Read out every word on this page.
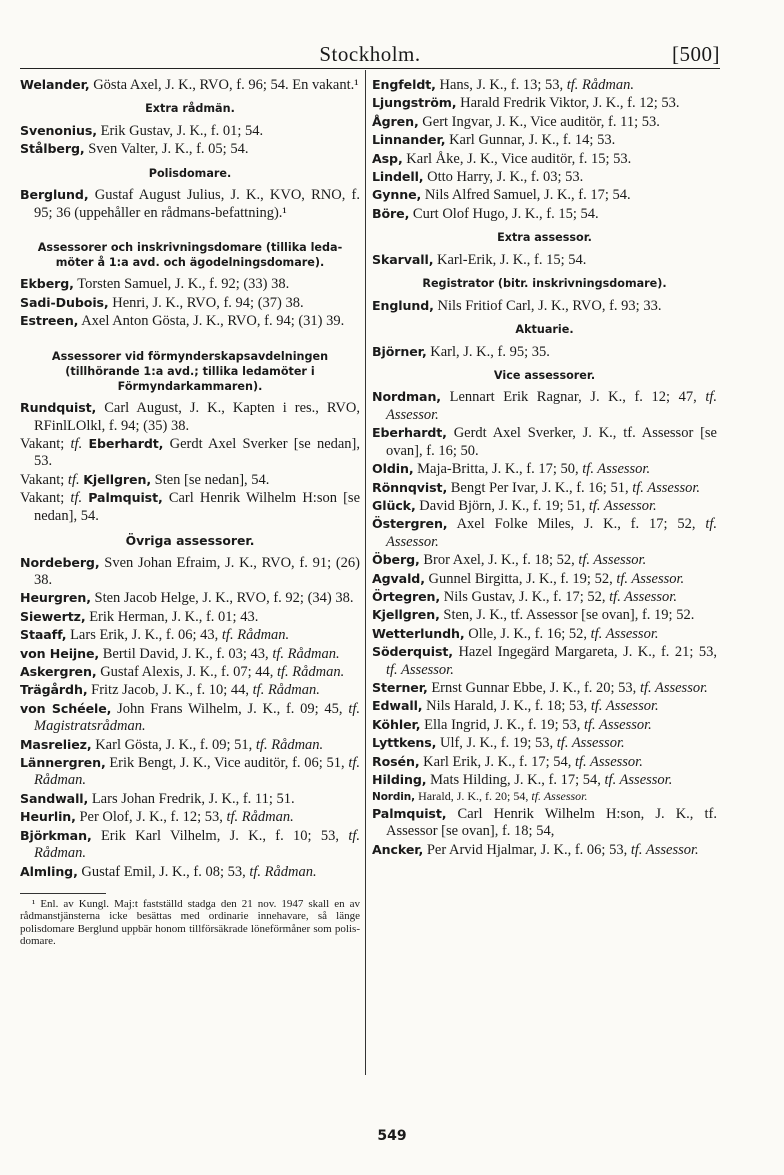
Stockholm.	[500]
Welander, Gösta Axel, J. K., RVO, f. 96; 54. En vakant.¹
Extra rådmän.
Svenonius, Erik Gustav, J. K., f. 01; 54.
Stålberg, Sven Valter, J. K., f. 05; 54.
Polisdomare.
Berglund, Gustaf August Julius, J. K., KVO, RNO, f. 95; 36 (uppehåller en rådmans-befattning).¹
Assessorer och inskrivningsdomare (tillika leda-möter å 1:a avd. och ägodelningsdomare).
Ekberg, Torsten Samuel, J. K., f. 92; (33) 38.
Sadi-Dubois, Henri, J. K., RVO, f. 94; (37) 38.
Estreen, Axel Anton Gösta, J. K., RVO, f. 94; (31) 39.
Assessorer vid förmynderskapsavdelningen (tillhörande 1:a avd.; tillika ledamöter i Förmyndarkammaren).
Rundquist, Carl August, J. K., Kapten i res., RVO, RFinlLOlkl, f. 94; (35) 38.
Vakant; tf. Eberhardt, Gerdt Axel Sverker [se nedan], 53.
Vakant; tf. Kjellgren, Sten [se nedan], 54.
Vakant; tf. Palmquist, Carl Henrik Wilhelm H:son [se nedan], 54.
Övriga assessorer.
Nordeberg, Sven Johan Efraim, J. K., RVO, f. 91; (26) 38.
Heurgren, Sten Jacob Helge, J. K., RVO, f. 92; (34) 38.
Siewertz, Erik Herman, J. K., f. 01; 43.
Staaff, Lars Erik, J. K., f. 06; 43, tf. Rådman.
von Heijne, Bertil David, J. K., f. 03; 43, tf. Rådman.
Askergren, Gustaf Alexis, J. K., f. 07; 44, tf. Rådman.
Trägårdh, Fritz Jacob, J. K., f. 10; 44, tf. Rådman.
von Schéele, John Frans Wilhelm, J. K., f. 09; 45, tf. Magistratsrådman.
Masreliez, Karl Gösta, J. K., f. 09; 51, tf. Rådman.
Lännergren, Erik Bengt, J. K., Vice auditör, f. 06; 51, tf. Rådman.
Sandwall, Lars Johan Fredrik, J. K., f. 11; 51.
Heurlin, Per Olof, J. K., f. 12; 53, tf. Rådman.
Björkman, Erik Karl Vilhelm, J. K., f. 10; 53, tf. Rådman.
Almling, Gustaf Emil, J. K., f. 08; 53, tf. Rådman.
¹ Enl. av Kungl. Maj:t fastställd stadga den 21 nov. 1947 skall en av rådmanstjänsterna icke besättas med ordinarie innehavare, så länge polisdomare Berglund uppbär honom tillförsäkrade löneförmåner som polis-domare.
Engfeldt, Hans, J. K., f. 13; 53, tf. Rådman.
Ljungström, Harald Fredrik Viktor, J. K., f. 12; 53.
Ågren, Gert Ingvar, J. K., Vice auditör, f. 11; 53.
Linnander, Karl Gunnar, J. K., f. 14; 53.
Asp, Karl Åke, J. K., Vice auditör, f. 15; 53.
Lindell, Otto Harry, J. K., f. 03; 53.
Gynne, Nils Alfred Samuel, J. K., f. 17; 54.
Böre, Curt Olof Hugo, J. K., f. 15; 54.
Extra assessor.
Skarvall, Karl-Erik, J. K., f. 15; 54.
Registrator (bitr. inskrivningsdomare).
Englund, Nils Fritiof Carl, J. K., RVO, f. 93; 33.
Aktuarie.
Björner, Karl, J. K., f. 95; 35.
Vice assessorer.
Nordman, Lennart Erik Ragnar, J. K., f. 12; 47, tf. Assessor.
Eberhardt, Gerdt Axel Sverker, J. K., tf. Assessor [se ovan], f. 16; 50.
Oldin, Maja-Britta, J. K., f. 17; 50, tf. Assessor.
Rönnqvist, Bengt Per Ivar, J. K., f. 16; 51, tf. Assessor.
Glück, David Björn, J. K., f. 19; 51, tf. Assessor.
Östergren, Axel Folke Miles, J. K., f. 17; 52, tf. Assessor.
Öberg, Bror Axel, J. K., f. 18; 52, tf. Assessor.
Agvald, Gunnel Birgitta, J. K., f. 19; 52, tf. Assessor.
Örtegren, Nils Gustav, J. K., f. 17; 52, tf. Assessor.
Kjellgren, Sten, J. K., tf. Assessor [se ovan], f. 19; 52.
Wetterlundh, Olle, J. K., f. 16; 52, tf. Assessor.
Söderquist, Hazel Ingegärd Margareta, J. K., f. 21; 53, tf. Assessor.
Sterner, Ernst Gunnar Ebbe, J. K., f. 20; 53, tf. Assessor.
Edwall, Nils Harald, J. K., f. 18; 53, tf. Assessor.
Köhler, Ella Ingrid, J. K., f. 19; 53, tf. Assessor.
Lyttkens, Ulf, J. K., f. 19; 53, tf. Assessor.
Rosén, Karl Erik, J. K., f. 17; 54, tf. Assessor.
Hilding, Mats Hilding, J. K., f. 17; 54, tf. Assessor.
Nordin, Harald, J. K., f. 20; 54, tf. Assessor.
Palmquist, Carl Henrik Wilhelm H:son, J. K., tf. Assessor [se ovan], f. 18; 54,
Ancker, Per Arvid Hjalmar, J. K., f. 06; 53, tf. Assessor.
549
